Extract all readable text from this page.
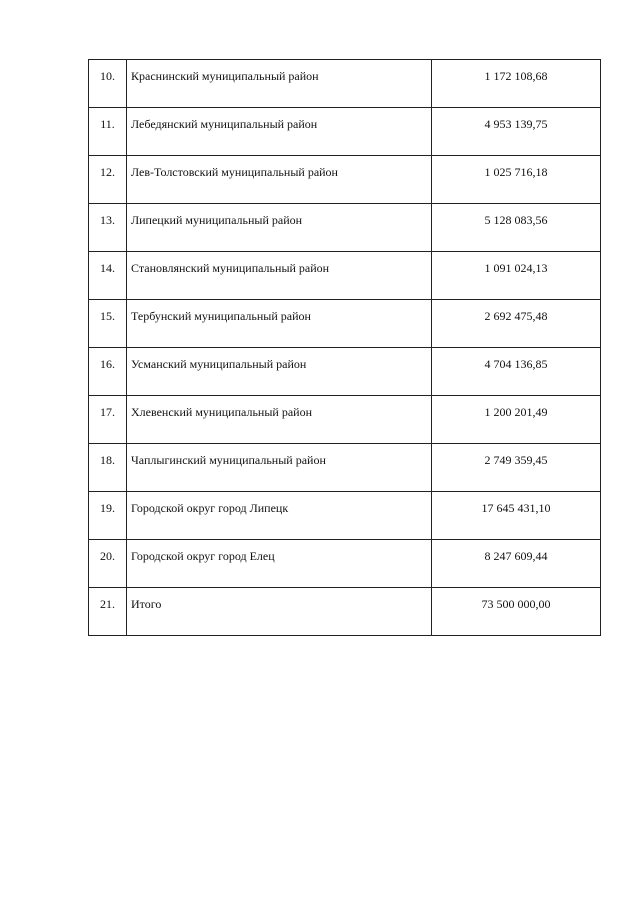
10.	Краснинский муниципальный район	1 172 108,68
11.	Лебедянский муниципальный район	4 953 139,75
12.	Лев-Толстовский муниципальный район	1 025 716,18
13.	Липецкий муниципальный район	5 128 083,56
14.	Становлянский муниципальный район	1 091 024,13
15.	Тербунский муниципальный район	2 692 475,48
16.	Усманский муниципальный район	4 704 136,85
17.	Хлевенский муниципальный район	1 200 201,49
18.	Чаплыгинский муниципальный район	2 749 359,45
19.	Городской округ город Липецк	17 645 431,10
20.	Городской округ город Елец	8 247 609,44
21.	Итого	73 500 000,00
